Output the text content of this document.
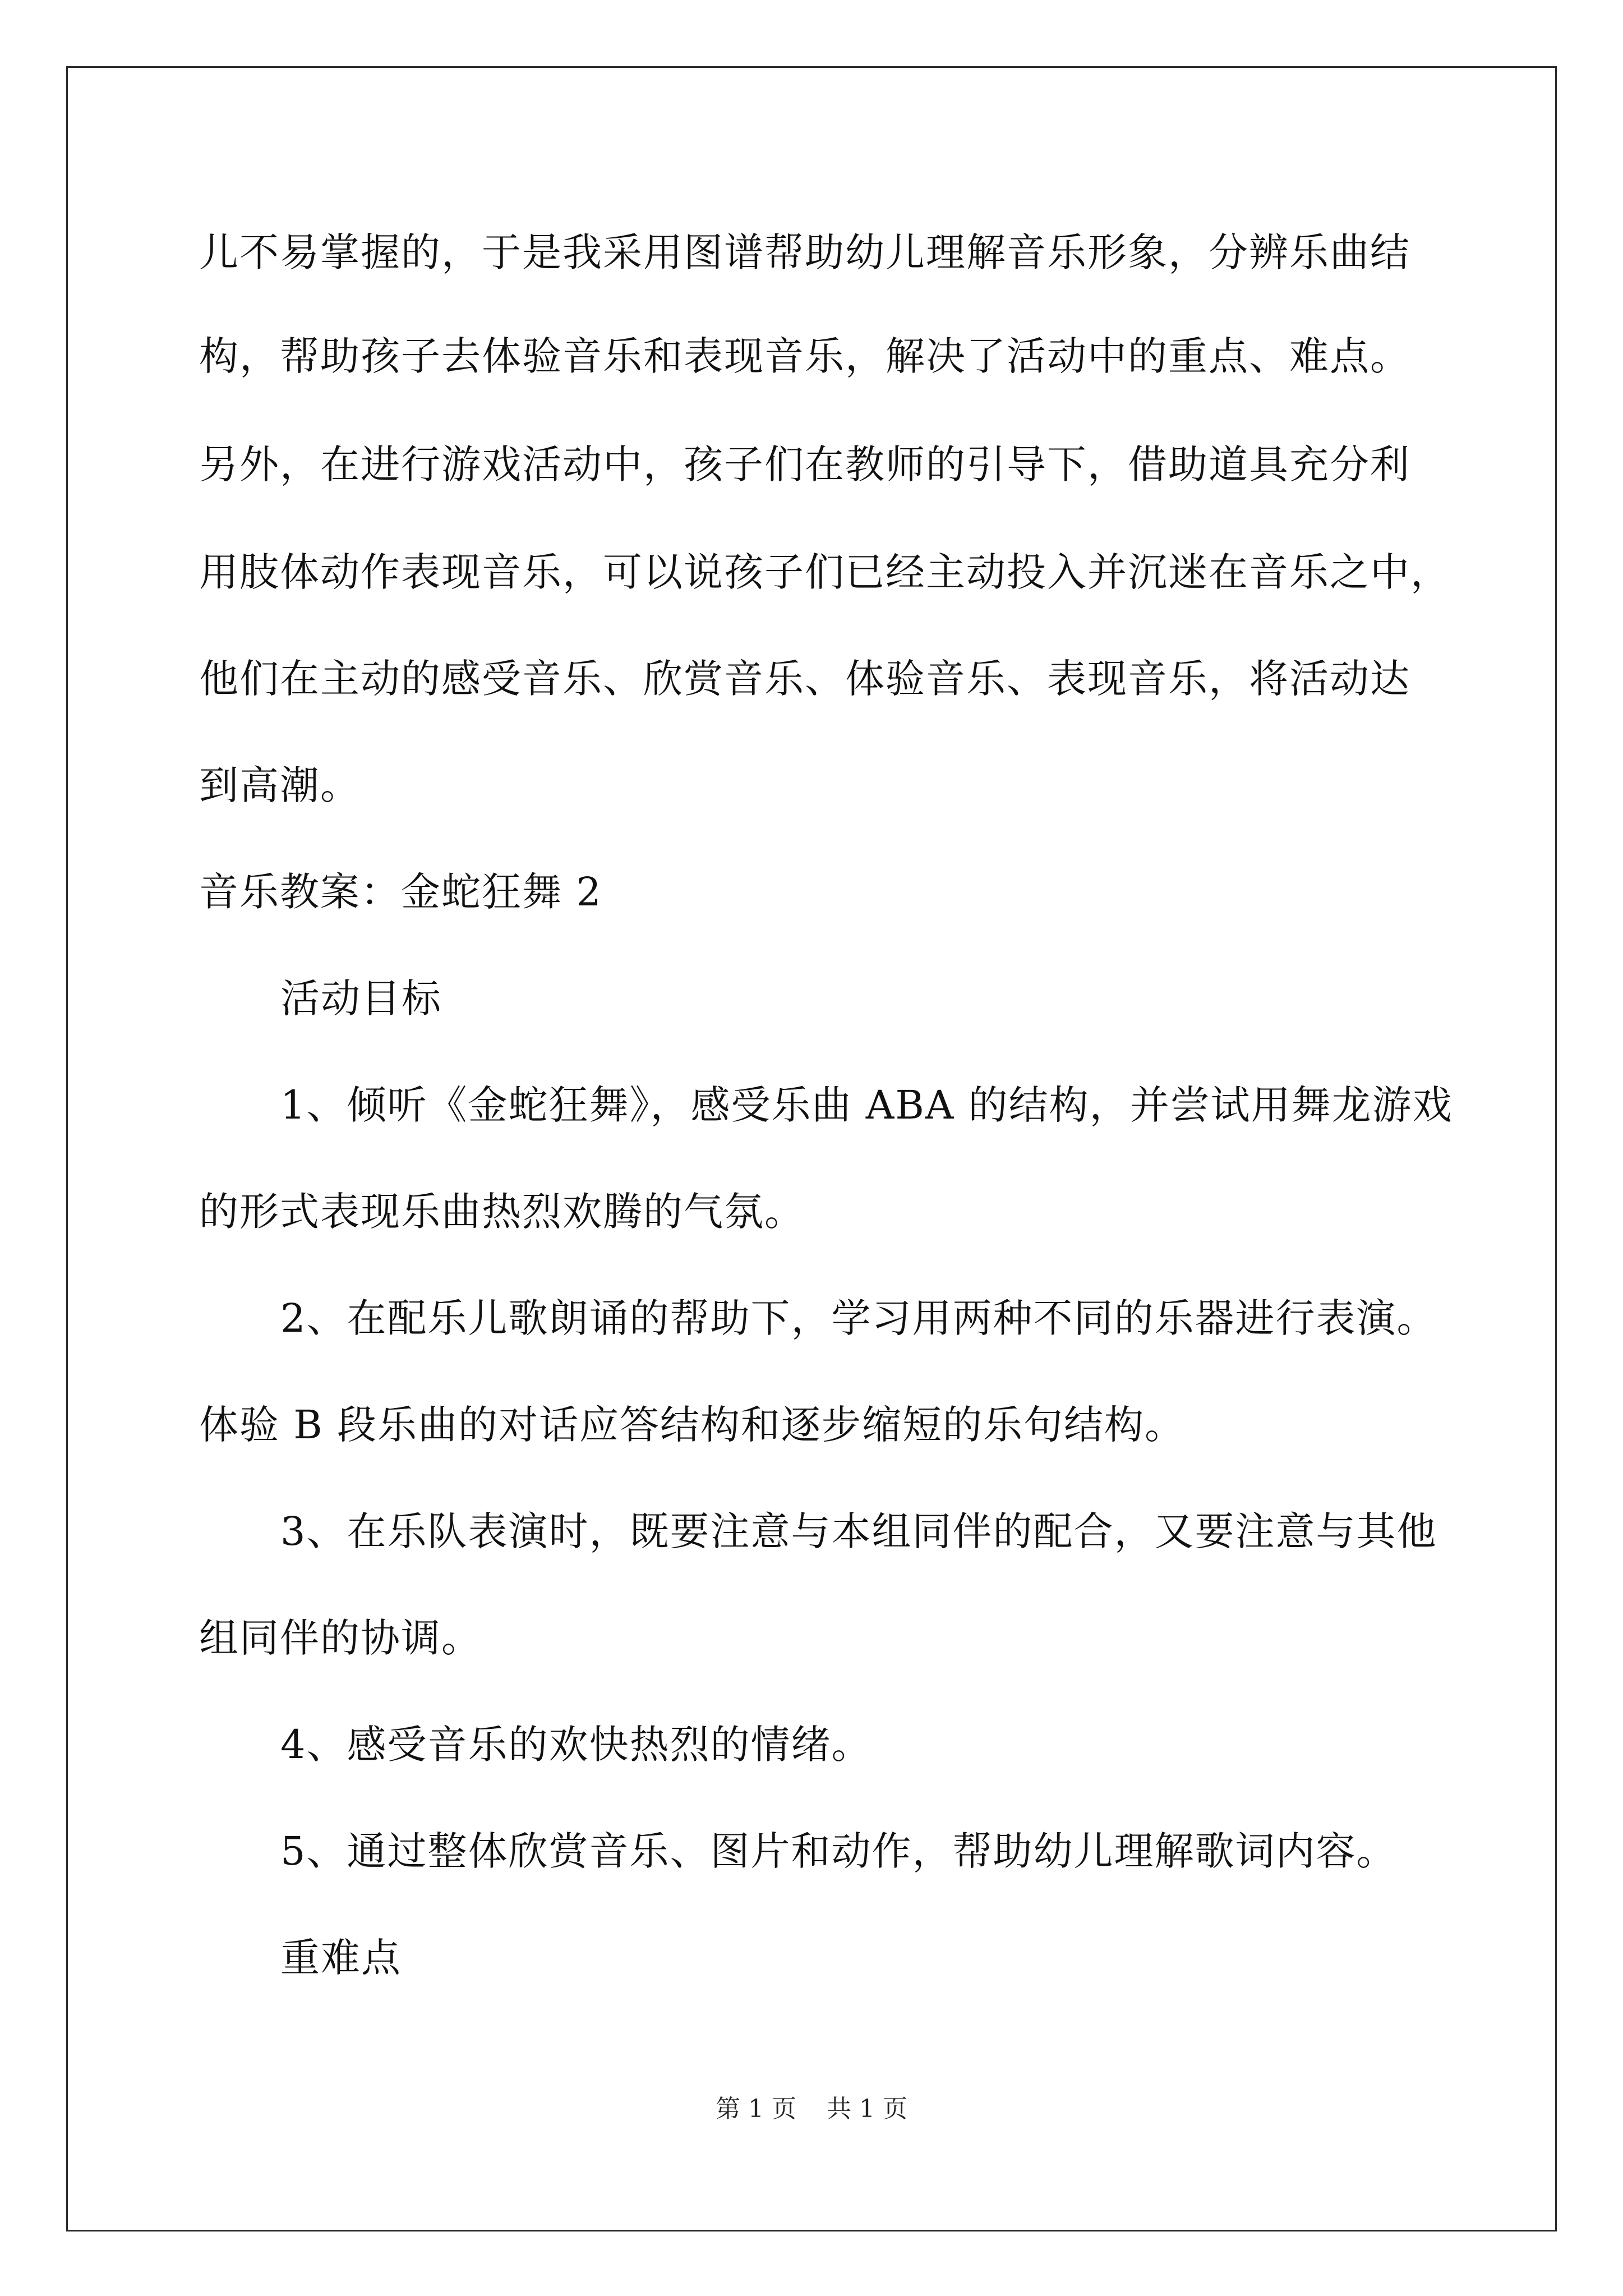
儿不易掌握的，于是我采用图谱帮助幼儿理解音乐形象，分辨乐曲结
构，帮助孩子去体验音乐和表现音乐，解决了活动中的重点、难点。
另外，在进行游戏活动中，孩子们在教师的引导下，借助道具充分利
用肢体动作表现音乐，可以说孩子们已经主动投入并沉迷在音乐之中，
他们在主动的感受音乐、欣赏音乐、体验音乐、表现音乐，将活动达
到高潮。
音乐教案：金蛇狂舞 2
活动目标
1、倾听《金蛇狂舞》，感受乐曲 ABA 的结构，并尝试用舞龙游戏
的形式表现乐曲热烈欢腾的气氛。
2、在配乐儿歌朗诵的帮助下，学习用两种不同的乐器进行表演。
体验 B 段乐曲的对话应答结构和逐步缩短的乐句结构。
3、在乐队表演时，既要注意与本组同伴的配合，又要注意与其他
组同伴的协调。
4、感受音乐的欢快热烈的情绪。
5、通过整体欣赏音乐、图片和动作，帮助幼儿理解歌词内容。
重难点
第 1 页 共 1 页
